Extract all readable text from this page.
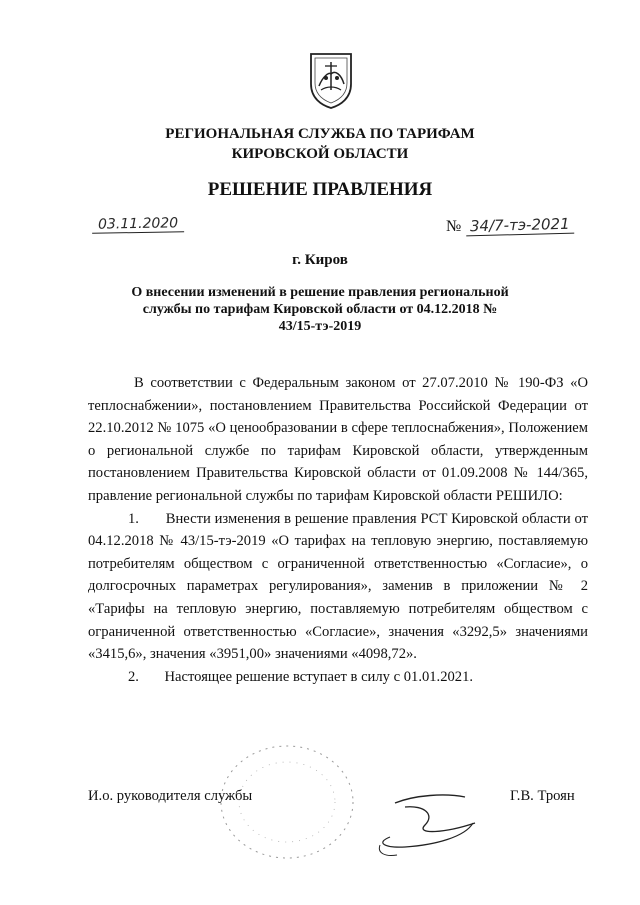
РЕГИОНАЛЬНАЯ СЛУЖБА ПО ТАРИФАМ КИРОВСКОЙ ОБЛАСТИ
РЕШЕНИЕ ПРАВЛЕНИЯ
03.11.2020	№ 34/7-тэ-2021
г. Киров
О внесении изменений в решение правления региональной службы по тарифам Кировской области от 04.12.2018 № 43/15-тэ-2019

В соответствии с Федеральным законом от 27.07.2010 № 190-ФЗ «О теплоснабжении», постановлением Правительства Российской Федерации от 22.10.2012 № 1075 «О ценообразовании в сфере теплоснабжения», Положением о региональной службе по тарифам Кировской области, утвержденным постановлением Правительства Кировской области от 01.09.2008 № 144/365, правление региональной службы по тарифам Кировской области РЕШИЛО:

1. Внести изменения в решение правления РСТ Кировской области от 04.12.2018 № 43/15-тэ-2019 «О тарифах на тепловую энергию, поставляемую потребителям обществом с ограниченной ответственностью «Согласие», о долгосрочных параметрах регулирования», заменив в приложении № 2 «Тарифы на тепловую энергию, поставляемую потребителям обществом с ограниченной ответственностью «Согласие», значения «3292,5» значениями «3415,6», значения «3951,00» значениями «4098,72».

2. Настоящее решение вступает в силу с 01.01.2021.

И.о. руководителя службы	Г.В. Троян
